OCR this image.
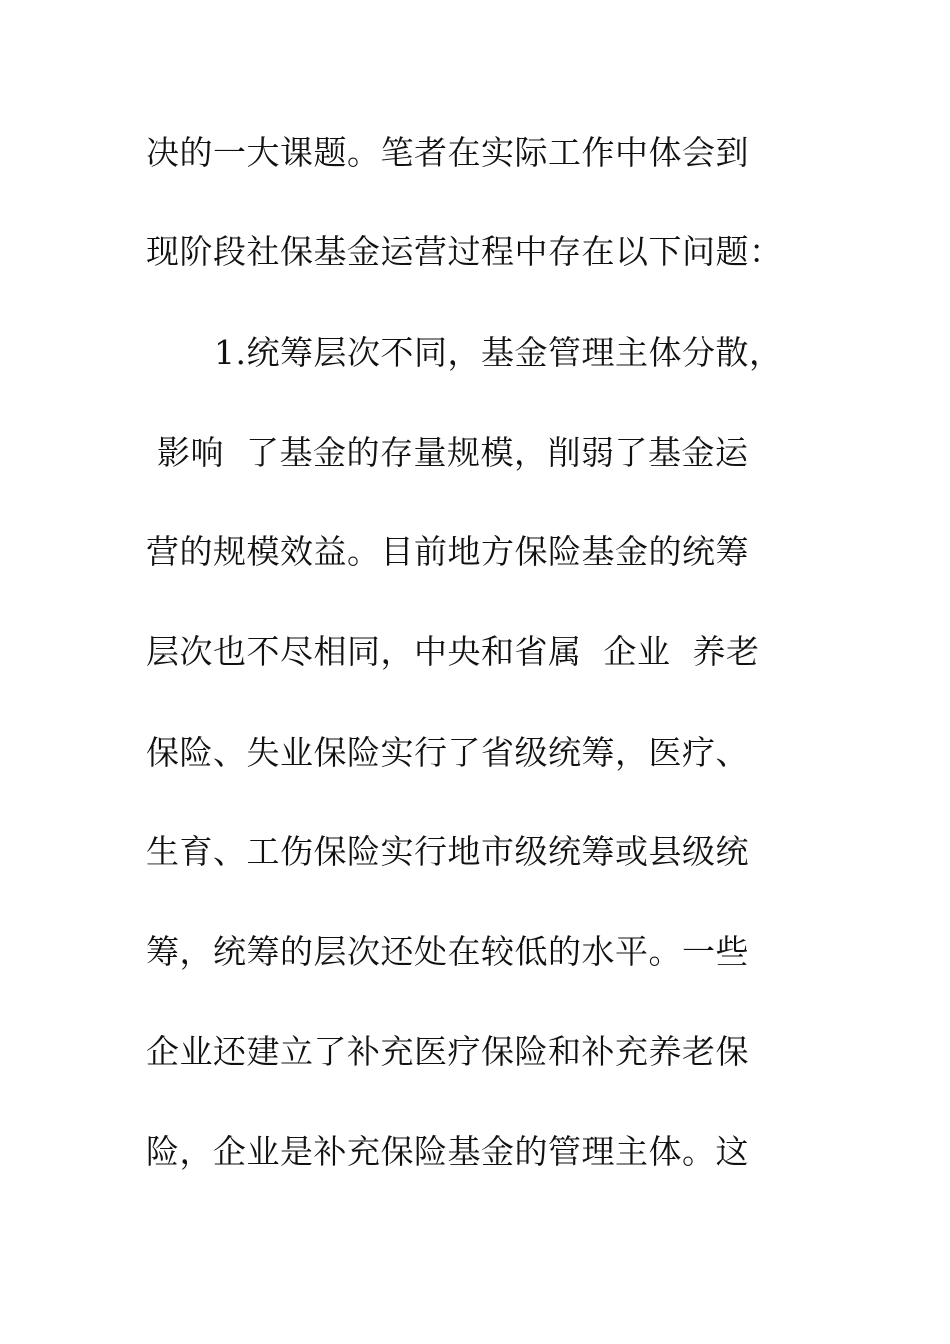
决的一大课题。笔者在实际工作中体会到
现阶段社保基金运营过程中存在以下问题：
1.统筹层次不同，基金管理主体分散，
影响  了基金的存量规模，削弱了基金运
营的规模效益。目前地方保险基金的统筹
层次也不尽相同，中央和省属  企业  养老
保险、失业保险实行了省级统筹，医疗、
生育、工伤保险实行地市级统筹或县级统
筹，统筹的层次还处在较低的水平。一些
企业还建立了补充医疗保险和补充养老保
险，企业是补充保险基金的管理主体。这
